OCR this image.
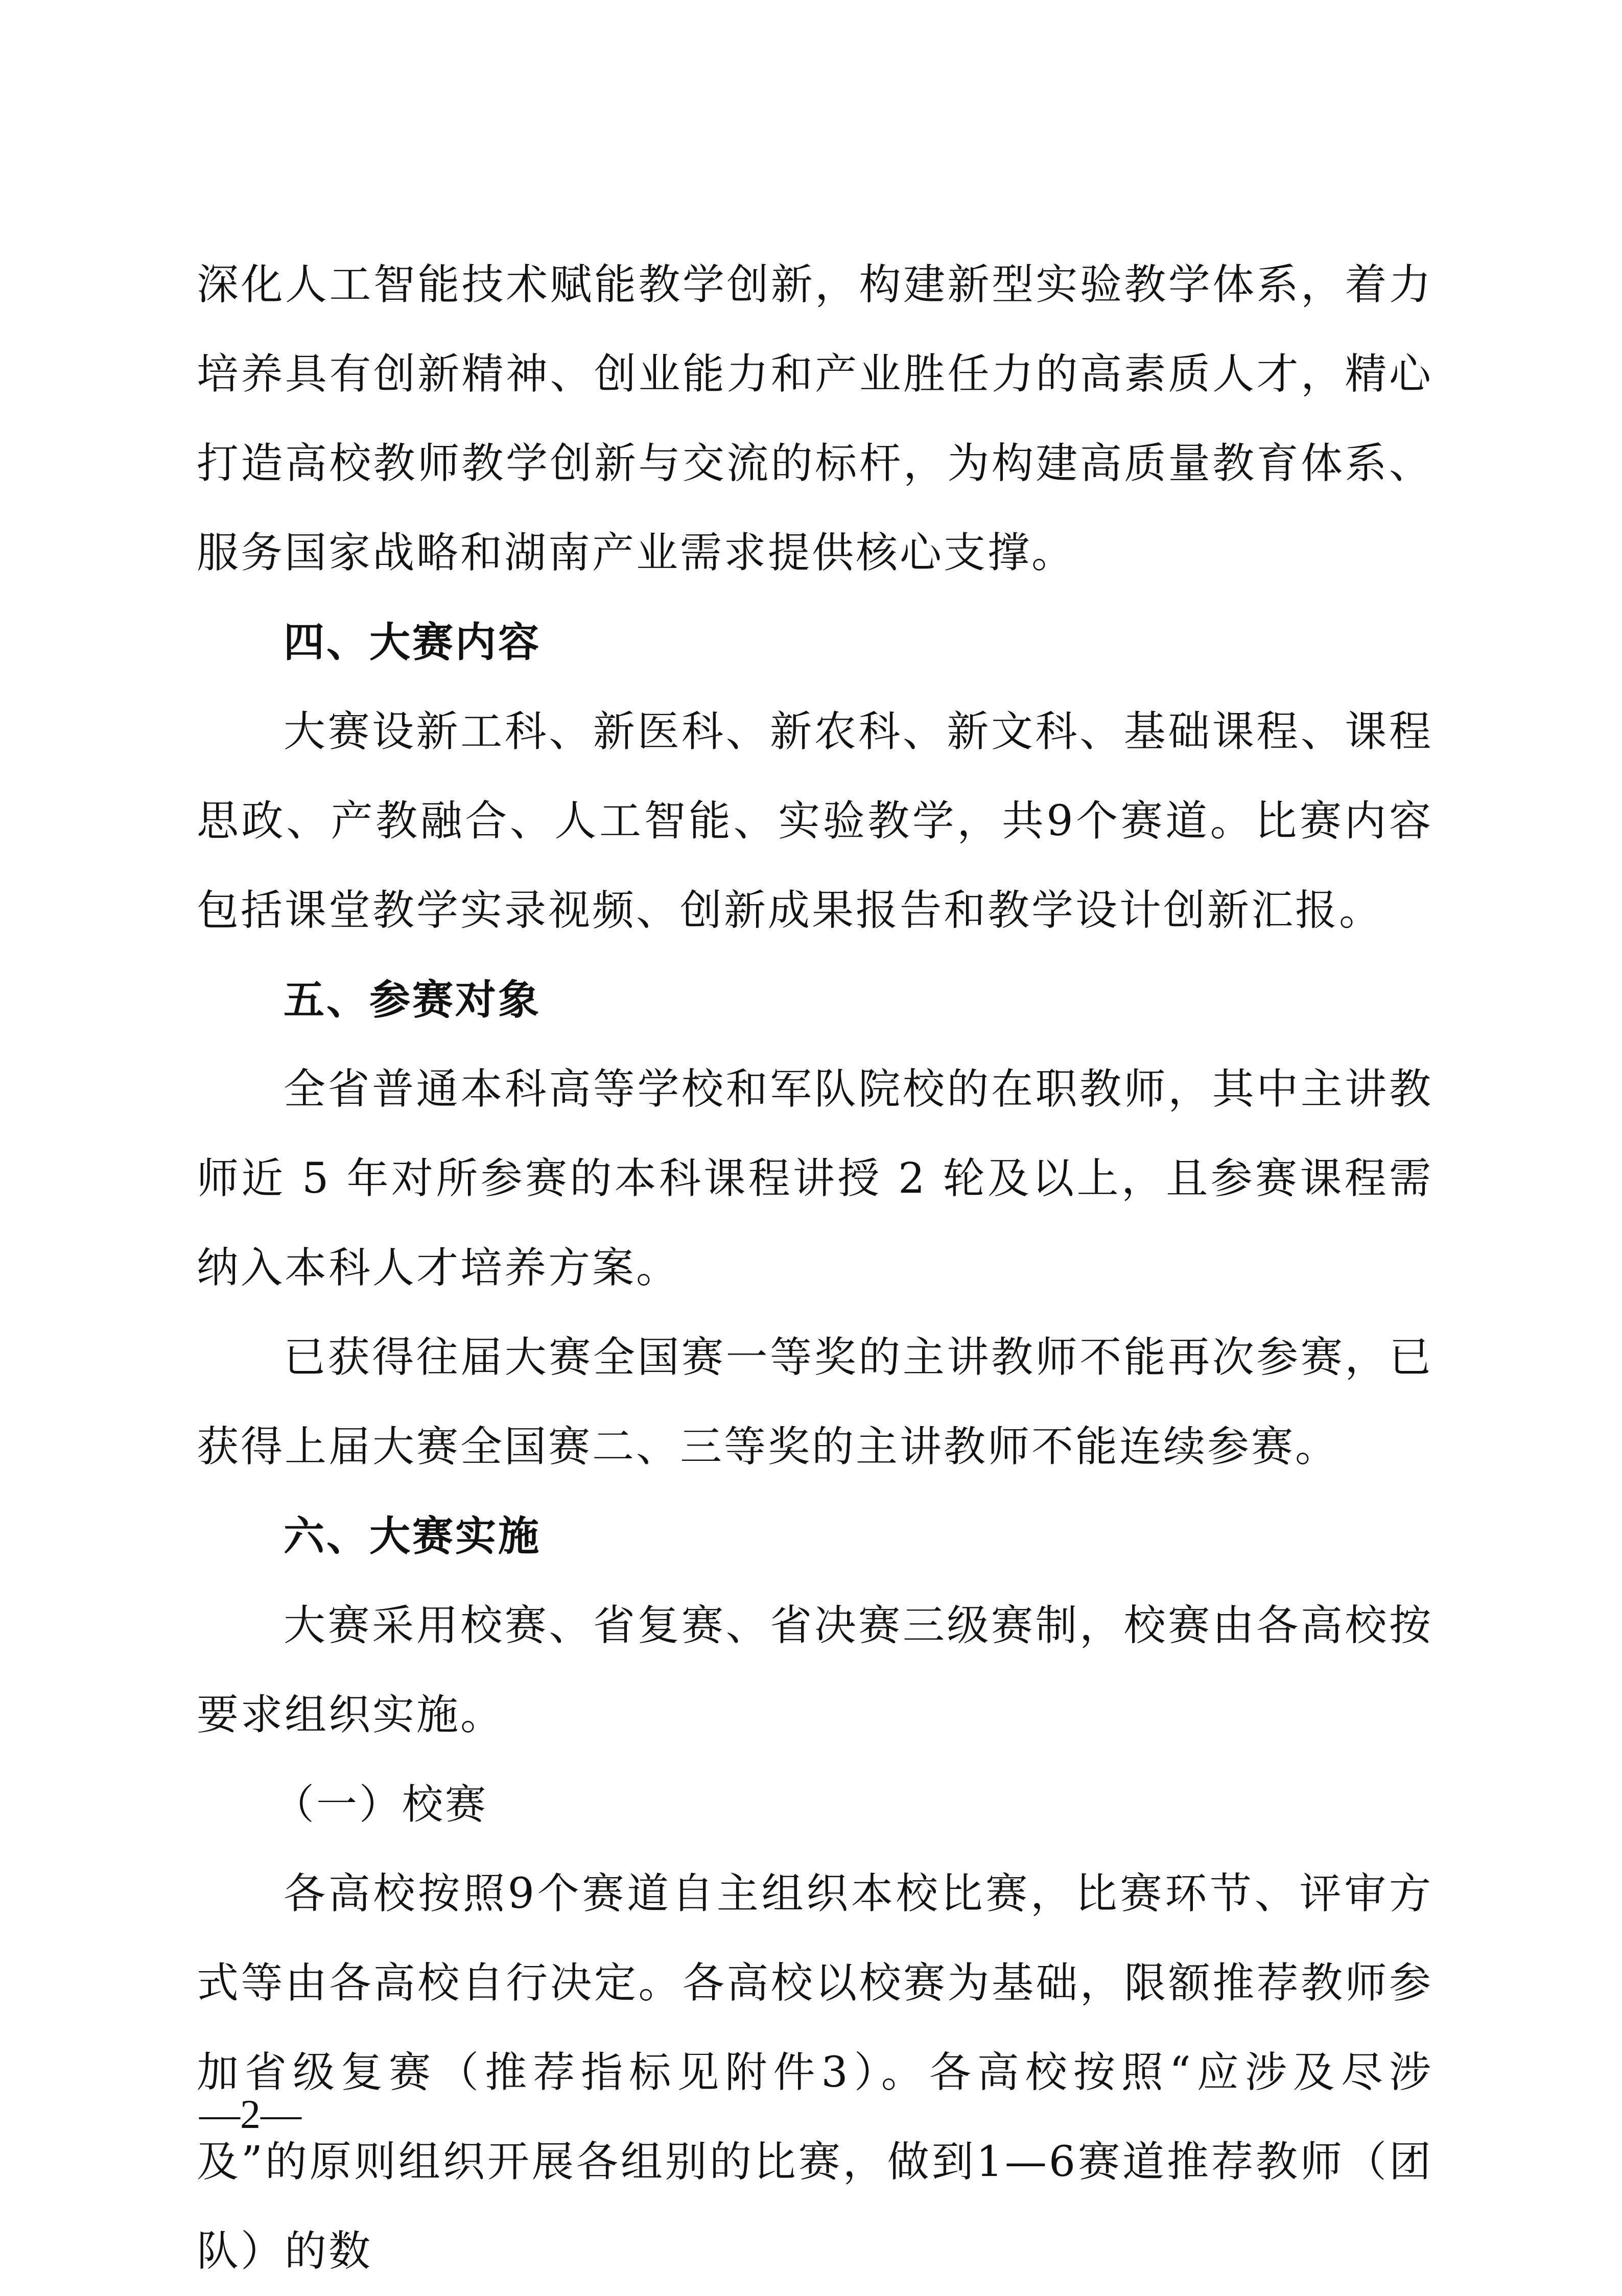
深化人工智能技术赋能教学创新，构建新型实验教学体系，着力培养具有创新精神、创业能力和产业胜任力的高素质人才，精心打造高校教师教学创新与交流的标杆，为构建高质量教育体系、服务国家战略和湖南产业需求提供核心支撑。

四、大赛内容

大赛设新工科、新医科、新农科、新文科、基础课程、课程思政、产教融合、人工智能、实验教学，共9个赛道。比赛内容包括课堂教学实录视频、创新成果报告和教学设计创新汇报。

五、参赛对象

全省普通本科高等学校和军队院校的在职教师，其中主讲教师近 5 年对所参赛的本科课程讲授 2 轮及以上，且参赛课程需纳入本科人才培养方案。

已获得往届大赛全国赛一等奖的主讲教师不能再次参赛，已获得上届大赛全国赛二、三等奖的主讲教师不能连续参赛。

六、大赛实施

大赛采用校赛、省复赛、省决赛三级赛制，校赛由各高校按要求组织实施。

（一）校赛

各高校按照9个赛道自主组织本校比赛，比赛环节、评审方式等由各高校自行决定。各高校以校赛为基础，限额推荐教师参加省级复赛（推荐指标见附件3）。各高校按照“应涉及尽涉及”的原则组织开展各组别的比赛，做到1—6赛道推荐教师（团队）的数

—2—
